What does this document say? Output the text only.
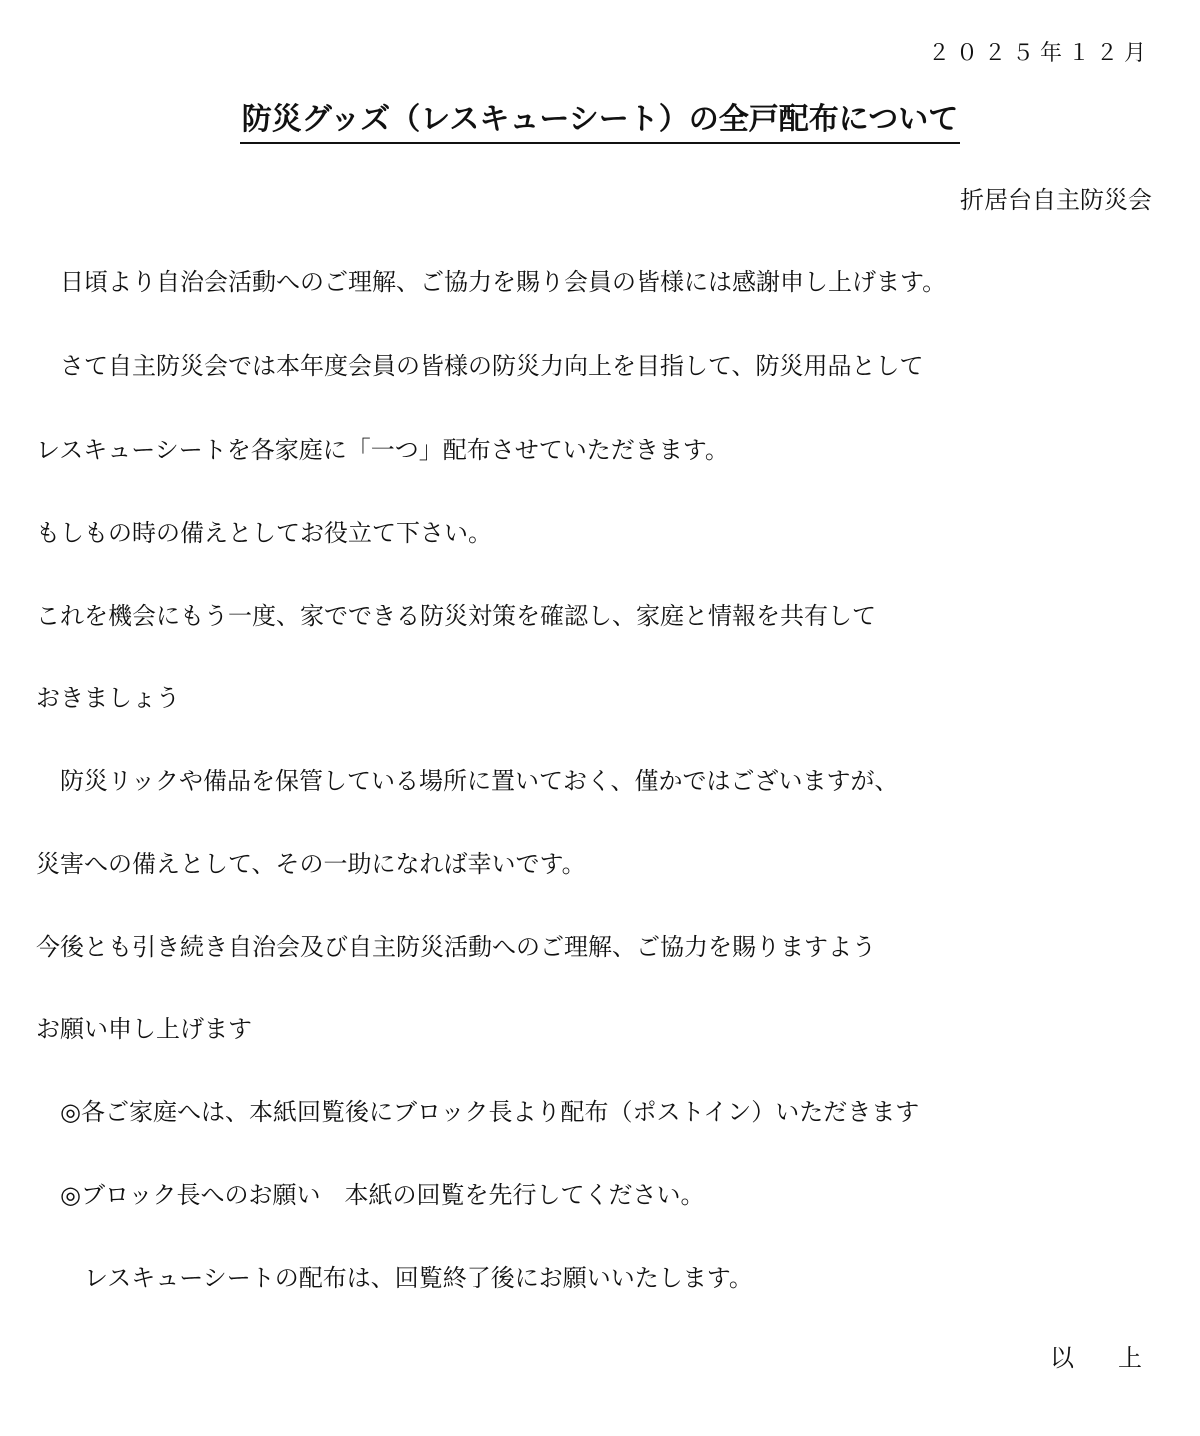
２０２５年１２月
防災グッズ（レスキューシート）の全戸配布について
折居台自主防災会
　日頃より自治会活動へのご理解、ご協力を賜り会員の皆様には感謝申し上げます。
　さて自主防災会では本年度会員の皆様の防災力向上を目指して、防災用品として
レスキューシートを各家庭に「一つ」配布させていただきます。
もしもの時の備えとしてお役立て下さい。
これを機会にもう一度、家でできる防災対策を確認し、家庭と情報を共有して
おきましょう
　防災リックや備品を保管している場所に置いておく、僅かではございますが、
災害への備えとして、その一助になれば幸いです。
今後とも引き続き自治会及び自主防災活動へのご理解、ご協力を賜りますよう
お願い申し上げます
　◎各ご家庭へは、本紙回覧後にブロック長より配布（ポストイン）いただきます
　◎ブロック長へのお願い　本紙の回覧を先行してください。
　　レスキューシートの配布は、回覧終了後にお願いいたします。
以　上
